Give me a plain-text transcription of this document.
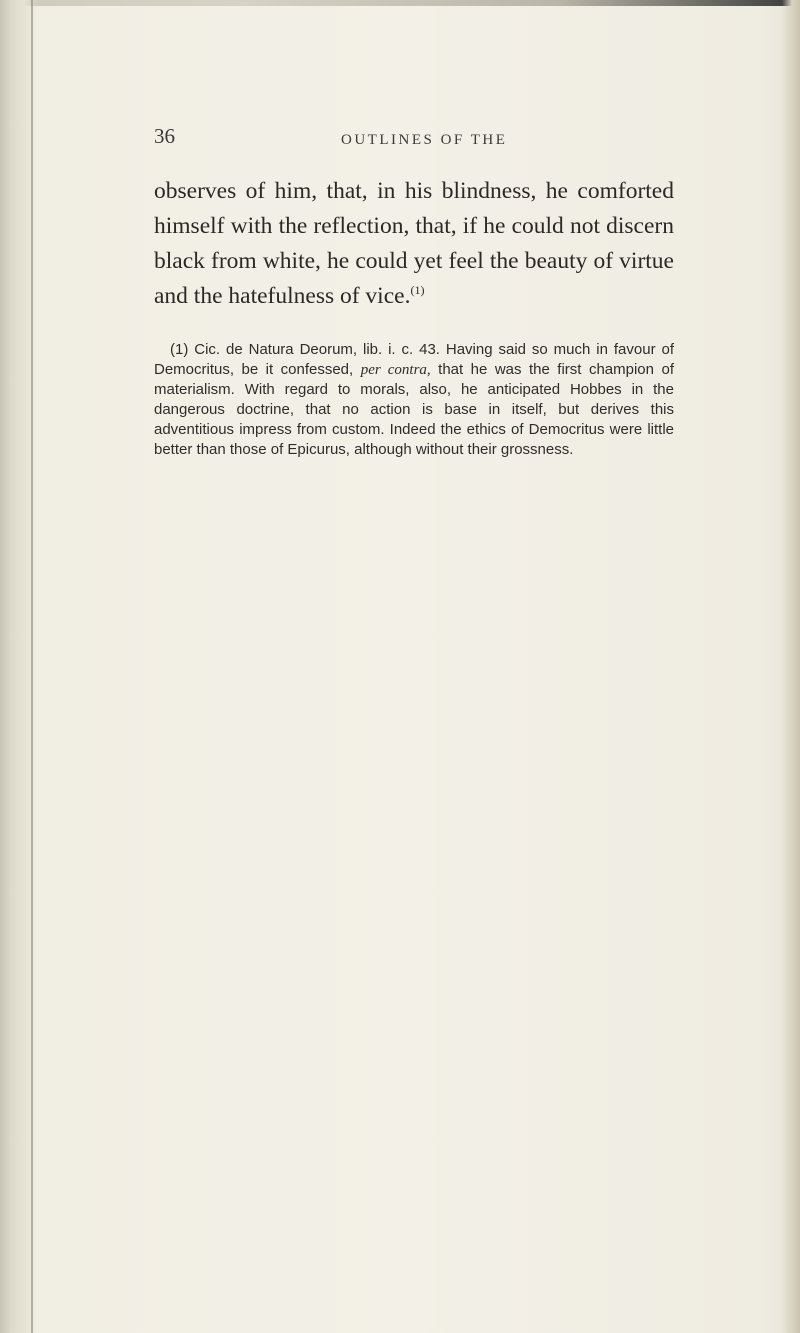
36	OUTLINES OF THE
observes of him, that, in his blindness, he comforted himself with the reflection, that, if he could not discern black from white, he could yet feel the beauty of virtue and the hatefulness of vice.$^{(1)}$
(1) Cic. de Natura Deorum, lib. i. c. 43. Having said so much in favour of Democritus, be it confessed, per contra, that he was the first champion of materialism. With regard to morals, also, he anticipated Hobbes in the dangerous doctrine, that no action is base in itself, but derives this adventitious impress from custom. Indeed the ethics of Democritus were little better than those of Epicurus, although without their grossness.
